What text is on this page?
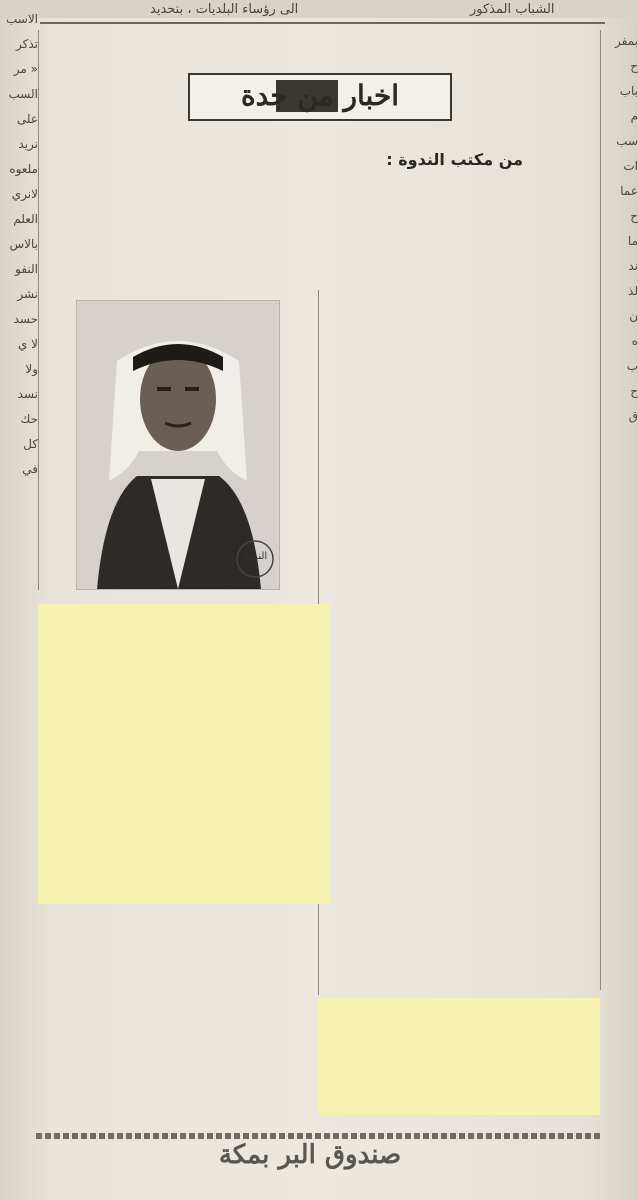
الى رؤساء البلديات ، بتحديد	الشباب المذكور
الاسب
تذكر
« مر
السب
على
نريد
ملعوه
لانري
العلم
بالاس
النفو
نشر
حسد
لا ي
ولا
نسد
حك
كل
في
بمفر
ح
باب
م
سب
ات
عما
ح
ما
ند
لذ
ن
ه
ب
ح
ق
اخبار من جدة
من مكتب الندوة :
الندوة
صندوق البر بمكة
